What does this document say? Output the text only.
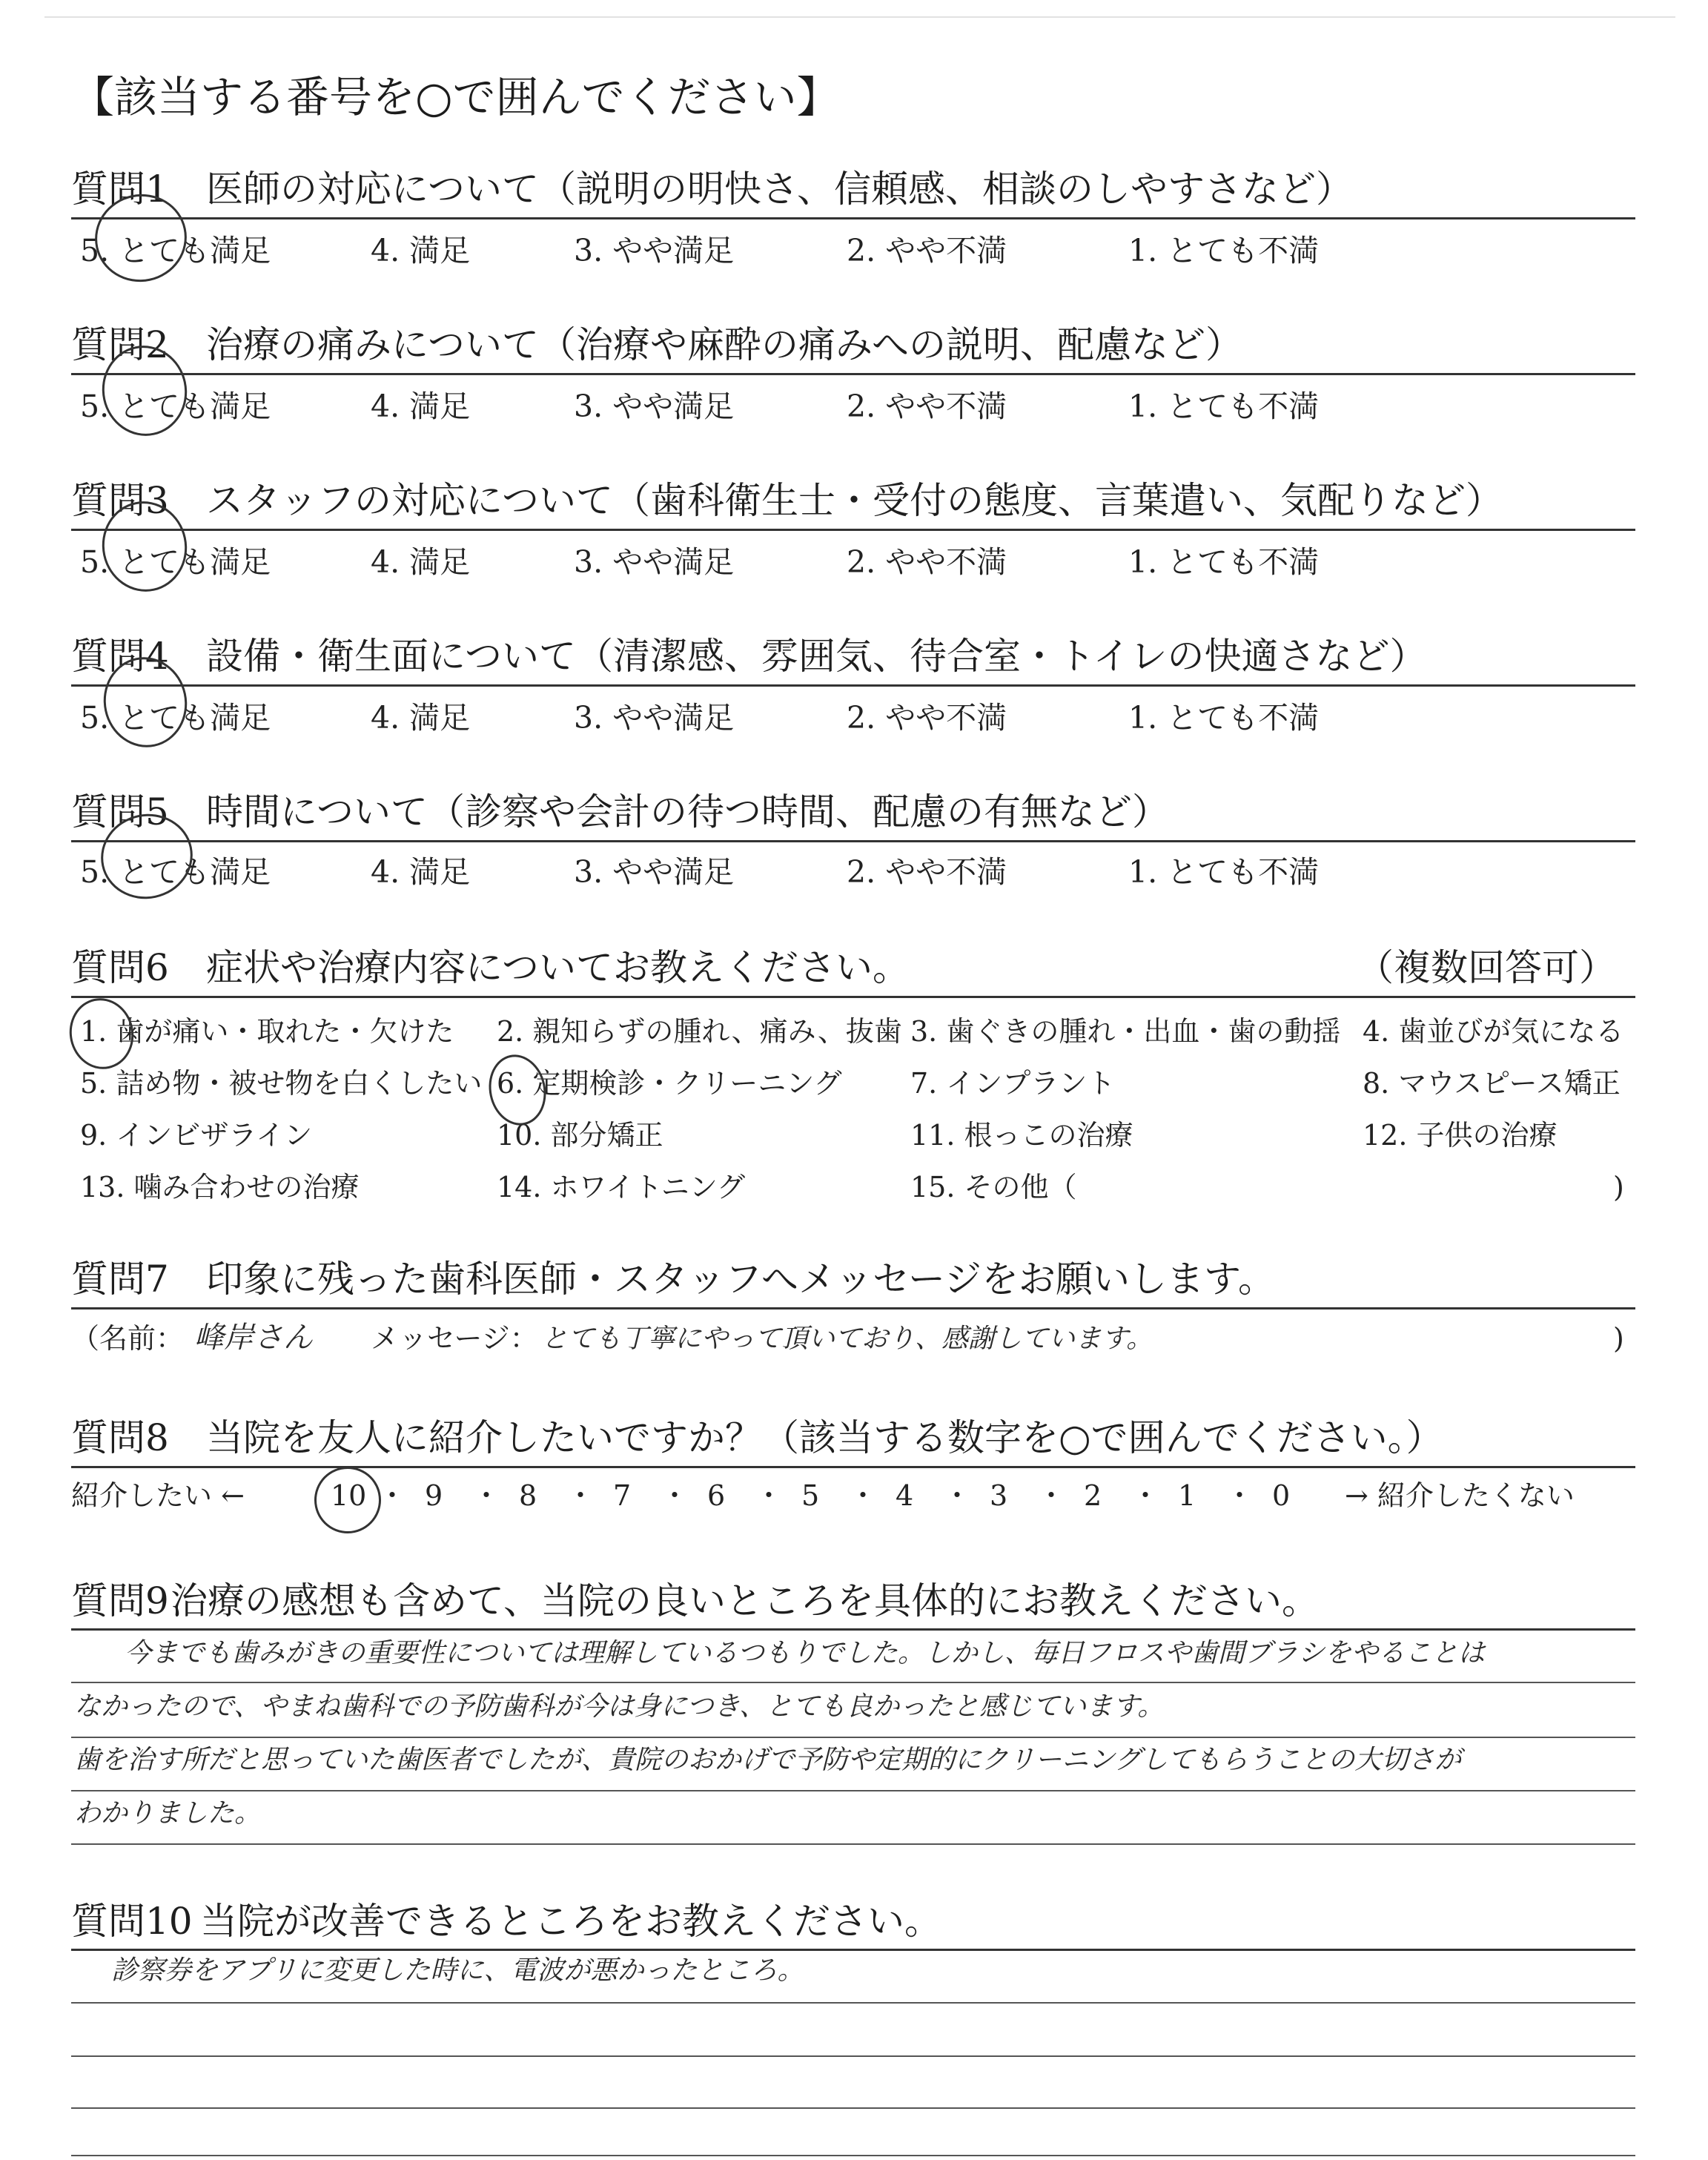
【該当する番号を○で囲んでください】
質問1 医師の対応について（説明の明快さ、信頼感、相談のしやすさなど）
5. とても満足	4. 満足	3. やや満足	2. やや不満	1. とても不満
質問2 治療の痛みについて（治療や麻酔の痛みへの説明、配慮など）
5. とても満足	4. 満足	3. やや満足	2. やや不満	1. とても不満
質問3 スタッフの対応について（歯科衛生士・受付の態度、言葉遣い、気配りなど）
5. とても満足	4. 満足	3. やや満足	2. やや不満	1. とても不満
質問4 設備・衛生面について（清潔感、雰囲気、待合室・トイレの快適さなど）
5. とても満足	4. 満足	3. やや満足	2. やや不満	1. とても不満
質問5 時間について（診察や会計の待つ時間、配慮の有無など）
5. とても満足	4. 満足	3. やや満足	2. やや不満	1. とても不満
質問6 症状や治療内容についてお教えください。	（複数回答可）
1. 歯が痛い・取れた・欠けた 2. 親知らずの腫れ、痛み、抜歯 3. 歯ぐきの腫れ・出血・歯の動揺 4. 歯並びが気になる
5. 詰め物・被せ物を白くしたい 6. 定期検診・クリーニング 7. インプラント	8. マウスピース矯正
9. インビザライン	10. 部分矯正	11. 根っこの治療	12. 子供の治療
13. 噛み合わせの治療	14. ホワイトニング	15. その他（	)
質問7 印象に残った歯科医師・スタッフへメッセージをお願いします。
（名前： 峰岸さん メッセージ： とても丁寧にやって頂いており、感謝しています。	)
質問8 当院を友人に紹介したいですか？（該当する数字を○で囲んでください。）
紹介したい ←	10 ・ 9 ・ 8 ・ 7 ・ 6 ・ 5 ・ 4 ・ 3 ・ 2 ・ 1 ・ 0 → 紹介したくない
質問9 治療の感想も含めて、当院の良いところを具体的にお教えください。
今までも歯みがきの重要性については理解しているつもりでした。しかし、毎日フロスや歯間ブラシをやることは
なかったので、やまね歯科での予防歯科が今は身につき、とても良かったと感じています。
歯を治す所だと思っていた歯医者でしたが、貴院のおかげで予防や定期的にクリーニングしてもらうことの大切さが
わかりました。
質問10 当院が改善できるところをお教えください。
診察券をアプリに変更した時に、電波が悪かったところ。
